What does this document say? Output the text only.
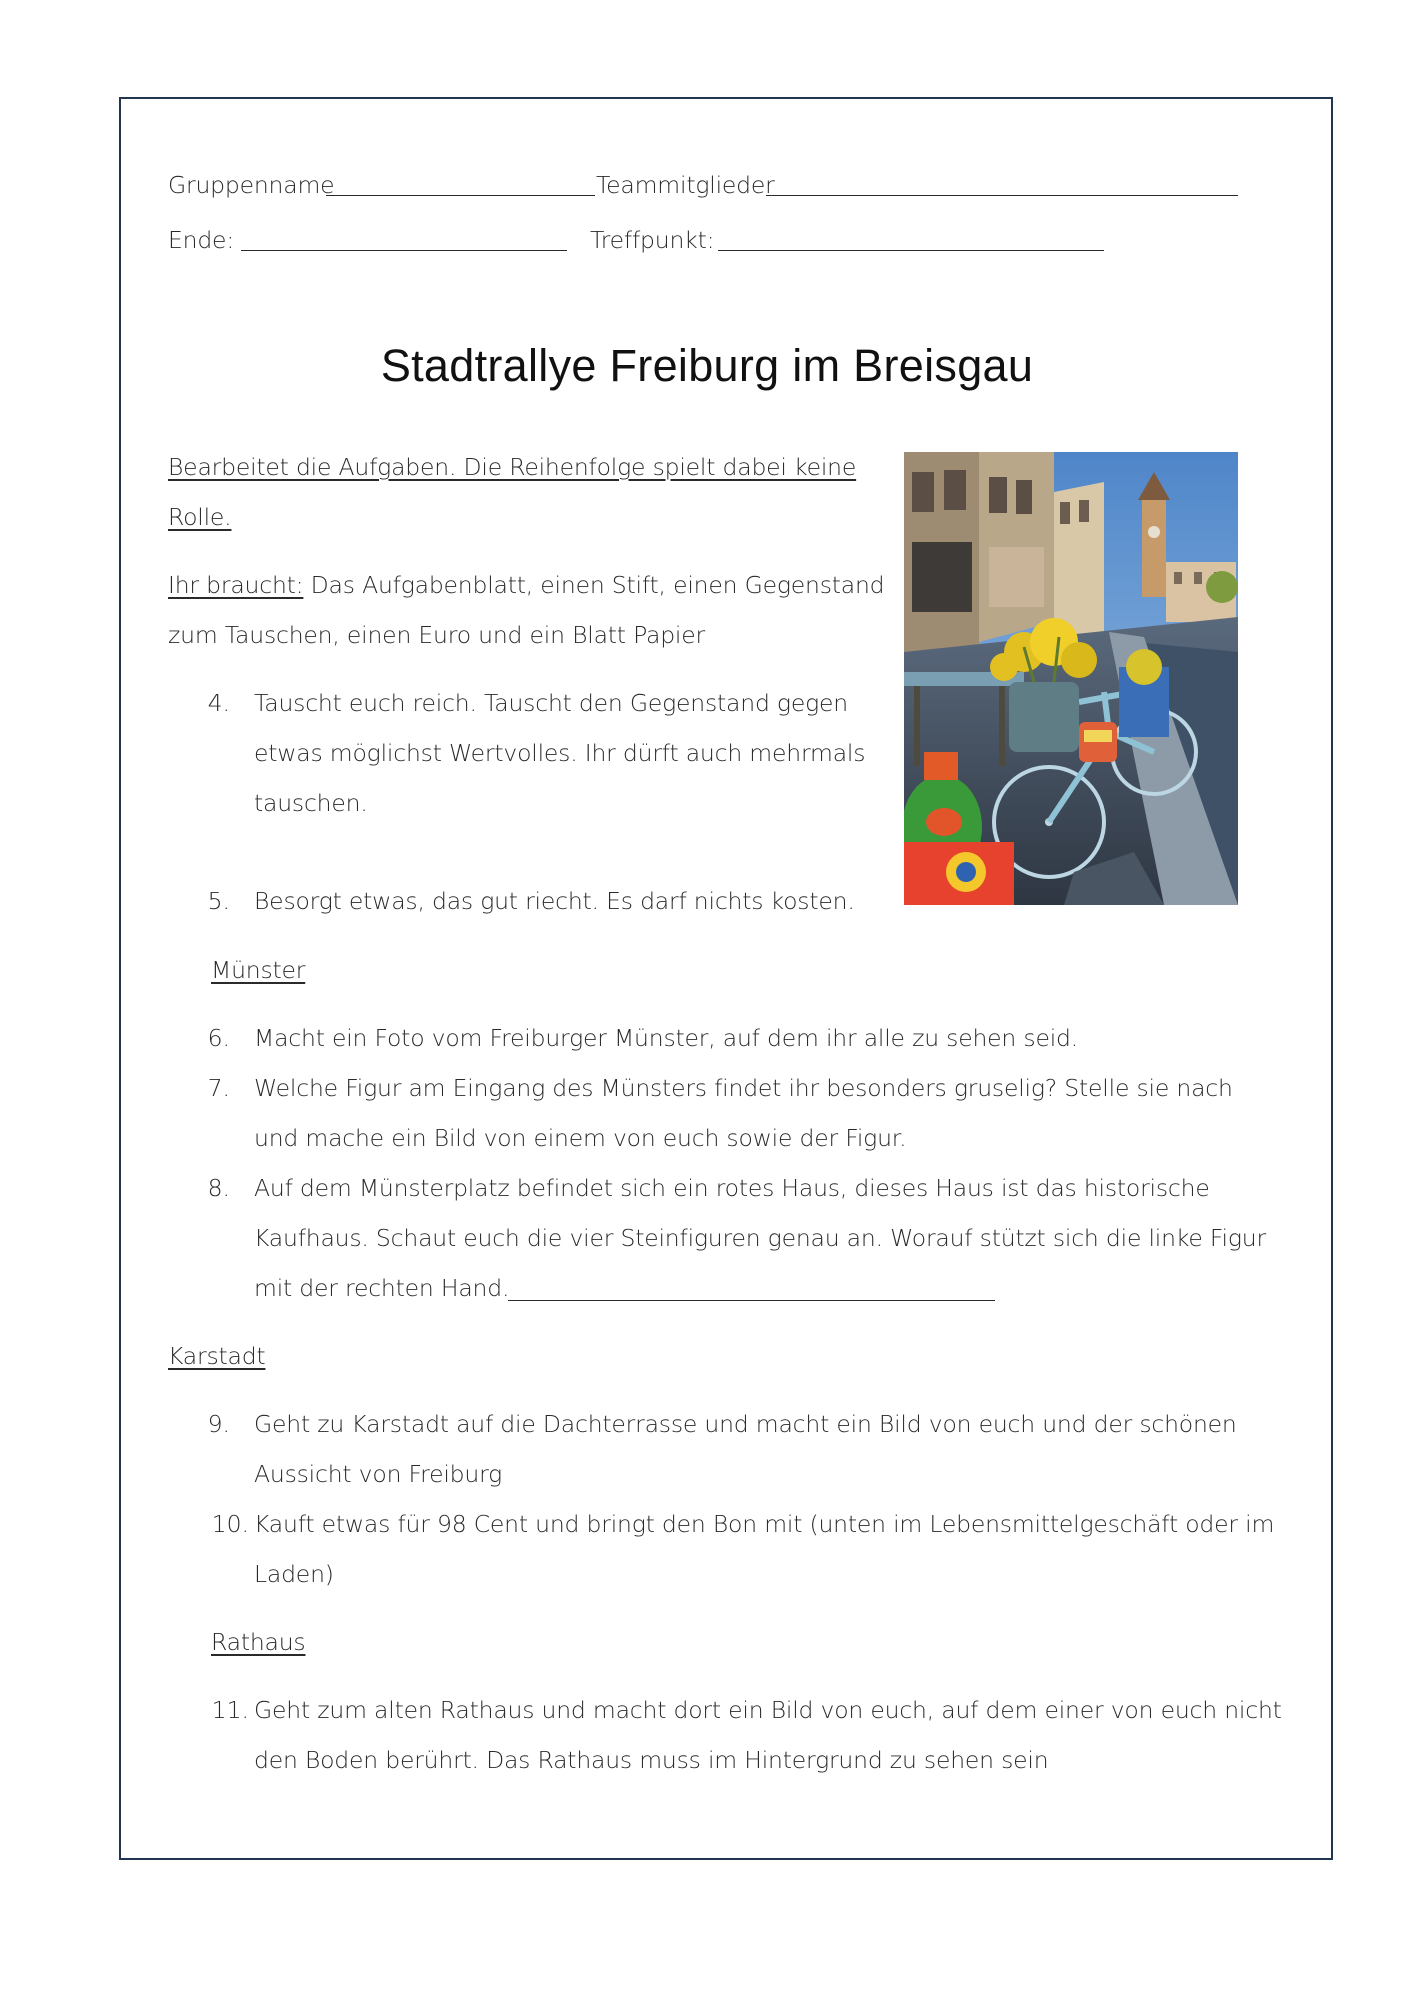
Gruppenname	Teammitglieder
Ende:	Treffpunkt:
Stadtrallye Freiburg im Breisgau
Bearbeitet die Aufgaben. Die Reihenfolge spielt dabei keine
Rolle.
Ihr braucht: Das Aufgabenblatt, einen Stift, einen Gegenstand
zum Tauschen, einen Euro und ein Blatt Papier
4. Tauscht euch reich. Tauscht den Gegenstand gegen
etwas möglichst Wertvolles. Ihr dürft auch mehrmals
tauschen.
5. Besorgt etwas, das gut riecht. Es darf nichts kosten.
Münster
6. Macht ein Foto vom Freiburger Münster, auf dem ihr alle zu sehen seid.
7. Welche Figur am Eingang des Münsters findet ihr besonders gruselig? Stelle sie nach
und mache ein Bild von einem von euch sowie der Figur.
8. Auf dem Münsterplatz befindet sich ein rotes Haus, dieses Haus ist das historische
Kaufhaus. Schaut euch die vier Steinfiguren genau an. Worauf stützt sich die linke Figur
mit der rechten Hand.
Karstadt
9. Geht zu Karstadt auf die Dachterrasse und macht ein Bild von euch und der schönen
Aussicht von Freiburg
10. Kauft etwas für 98 Cent und bringt den Bon mit (unten im Lebensmittelgeschäft oder im
Laden)
Rathaus
11. Geht zum alten Rathaus und macht dort ein Bild von euch, auf dem einer von euch nicht
den Boden berührt. Das Rathaus muss im Hintergrund zu sehen sein
